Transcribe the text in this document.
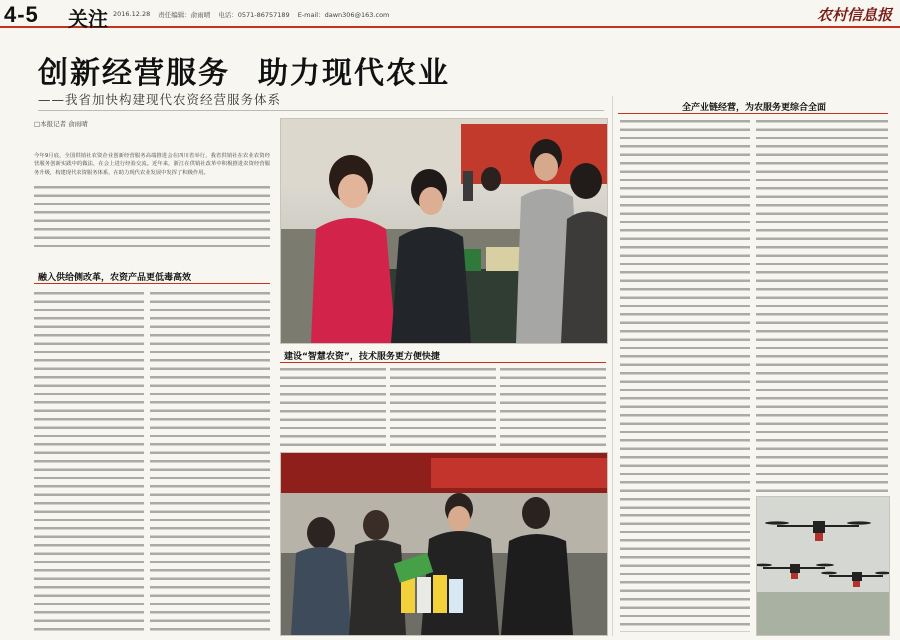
4-5 关注 2016.12.28 责任编辑：俞雨晴 电话：0571-86757189 E-mail：dawn306@163.com	农村信息报
创新经营服务 助力现代农业
——我省加快构建现代农资经营服务体系
□本报记者 俞雨晴
今年9月底，全国供销社农资企业创新经营服务高端推进会在四川省举行，我省供销社在农业农资经营服务创新实践中的做法，在会上进行经验交流。近年来，浙江在供销社改革中积极推进农资经营服务升级，构建现代农资服务体系，在助力现代农业发展中发挥了积极作用。
融入供给侧改革，农资产品更低毒高效
建设“智慧农资”，技术服务更方便快捷
全产业链经营，为农服务更综合全面
